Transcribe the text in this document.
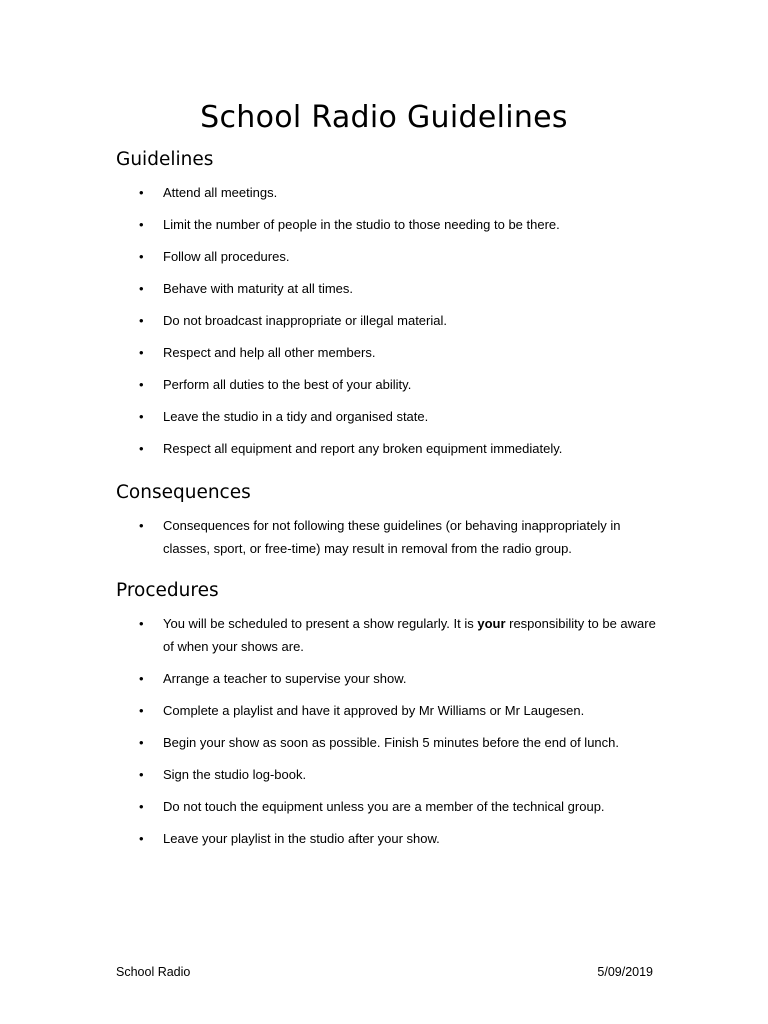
School Radio Guidelines
Guidelines
• Attend all meetings.
• Limit the number of people in the studio to those needing to be there.
• Follow all procedures.
• Behave with maturity at all times.
• Do not broadcast inappropriate or illegal material.
• Respect and help all other members.
• Perform all duties to the best of your ability.
• Leave the studio in a tidy and organised state.
• Respect all equipment and report any broken equipment immediately.
Consequences
• Consequences for not following these guidelines (or behaving inappropriately in classes, sport, or free-time) may result in removal from the radio group.
Procedures
• You will be scheduled to present a show regularly. It is your responsibility to be aware of when your shows are.
• Arrange a teacher to supervise your show.
• Complete a playlist and have it approved by Mr Williams or Mr Laugesen.
• Begin your show as soon as possible. Finish 5 minutes before the end of lunch.
• Sign the studio log-book.
• Do not touch the equipment unless you are a member of the technical group.
• Leave your playlist in the studio after your show.
School Radio	5/09/2019
